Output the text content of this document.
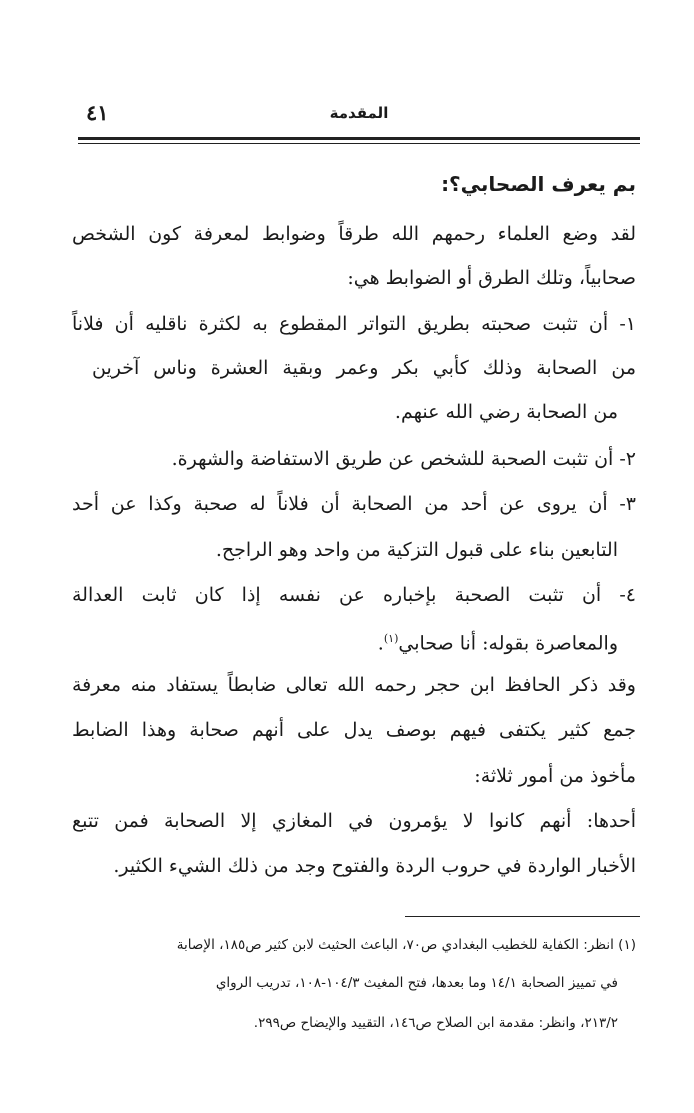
المقدمة
٤١
بم يعرف الصحابي؟:
لقد وضع العلماء رحمهم الله طرقاً وضوابط لمعرفة كون الشخص
صحابياً، وتلك الطرق أو الضوابط هي:
١- أن تثبت صحبته بطريق التواتر المقطوع به لكثرة ناقليه أن فلاناً
من الصحابة وذلك كأبي بكر وعمر وبقية العشرة وناس آخرين
من الصحابة رضي الله عنهم.
٢- أن تثبت الصحبة للشخص عن طريق الاستفاضة والشهرة.
٣- أن يروى عن أحد من الصحابة أن فلاناً له صحبة وكذا عن أحد
التابعين بناء على قبول التزكية من واحد وهو الراجح.
٤- أن تثبت الصحبة بإخباره عن نفسه إذا كان ثابت العدالة
والمعاصرة بقوله: أنا صحابي$^{(١)}$.
وقد ذكر الحافظ ابن حجر رحمه الله تعالى ضابطاً يستفاد منه معرفة
جمع كثير يكتفى فيهم بوصف يدل على أنهم صحابة وهذا الضابط
مأخوذ من أمور ثلاثة:
أحدها: أنهم كانوا لا يؤمرون في المغازي إلا الصحابة فمن تتبع
الأخبار الواردة في حروب الردة والفتوح وجد من ذلك الشيء الكثير.
(١) انظر: الكفاية للخطيب البغدادي ص٧٠، الباعث الحثيث لابن كثير ص١٨٥، الإصابة
في تمييز الصحابة ١٤/١ وما بعدها، فتح المغيث ١٠٤/٣-١٠٨، تدريب الرواي
٢١٣/٢، وانظر: مقدمة ابن الصلاح ص١٤٦، التقييد والإيضاح ص٢٩٩.
